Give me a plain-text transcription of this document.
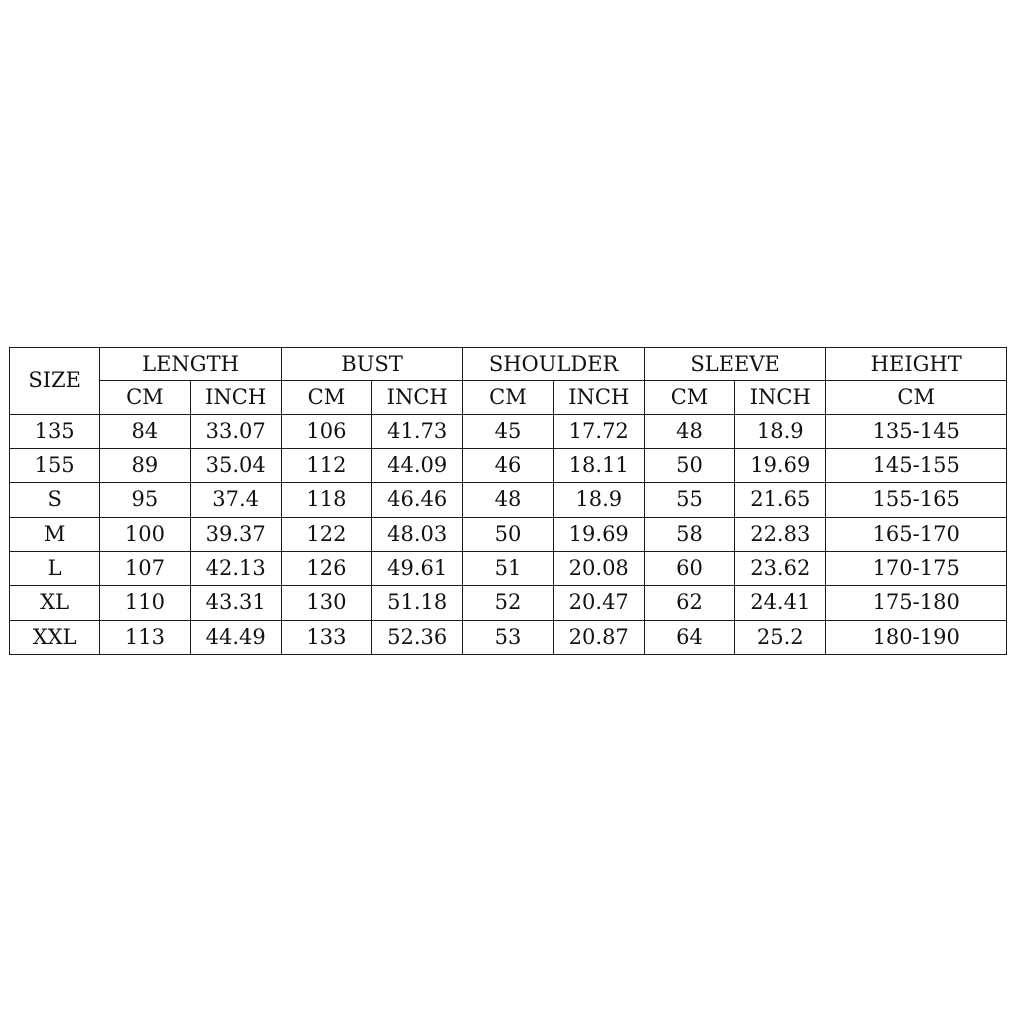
SIZE	LENGTH		BUST		SHOULDER		SLEEVE		HEIGHT
	CM	INCH	CM	INCH	CM	INCH	CM	INCH	CM
135	84	33.07	106	41.73	45	17.72	48	18.9	135-145
155	89	35.04	112	44.09	46	18.11	50	19.69	145-155
S	95	37.4	118	46.46	48	18.9	55	21.65	155-165
M	100	39.37	122	48.03	50	19.69	58	22.83	165-170
L	107	42.13	126	49.61	51	20.08	60	23.62	170-175
XL	110	43.31	130	51.18	52	20.47	62	24.41	175-180
XXL	113	44.49	133	52.36	53	20.87	64	25.2	180-190
